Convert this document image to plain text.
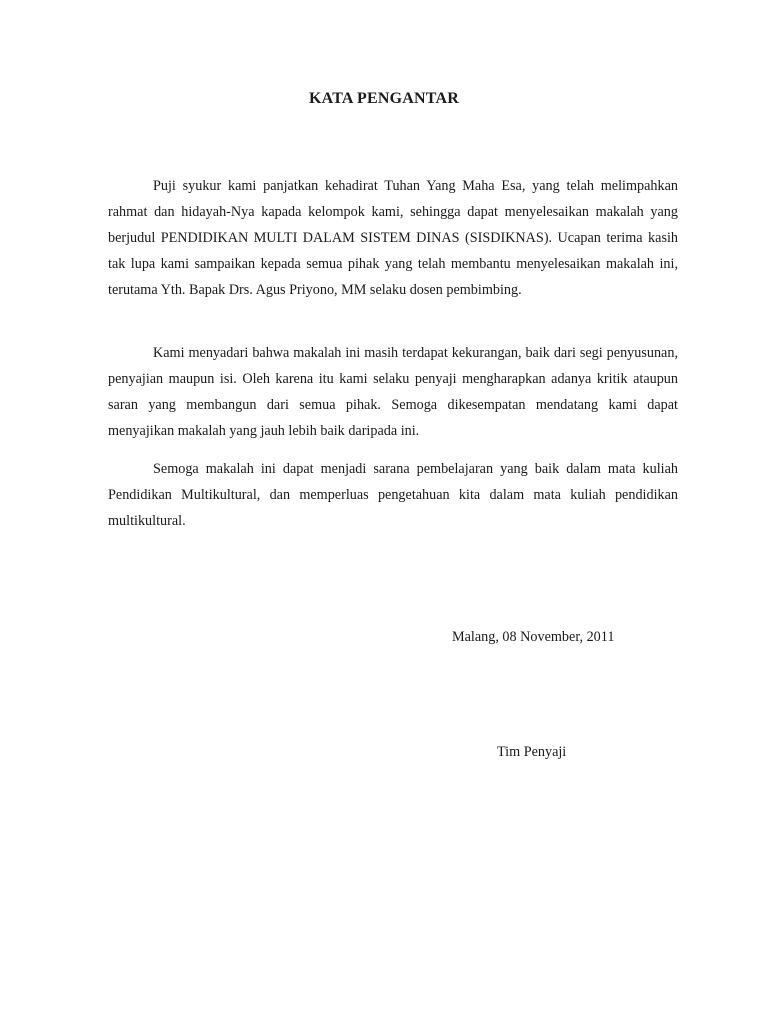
KATA PENGANTAR
Puji syukur kami panjatkan kehadirat Tuhan Yang Maha Esa, yang telah melimpahkan rahmat dan hidayah-Nya kapada kelompok kami, sehingga dapat menyelesaikan makalah yang berjudul PENDIDIKAN MULTI DALAM SISTEM DINAS (SISDIKNAS). Ucapan terima kasih tak lupa kami sampaikan kepada semua pihak yang telah membantu menyelesaikan makalah ini, terutama Yth. Bapak Drs. Agus Priyono, MM selaku dosen pembimbing.
Kami menyadari bahwa makalah ini masih terdapat kekurangan, baik dari segi penyusunan, penyajian maupun isi. Oleh karena itu kami selaku penyaji mengharapkan adanya kritik ataupun saran yang membangun dari semua pihak. Semoga dikesempatan mendatang kami dapat menyajikan makalah yang jauh lebih baik daripada ini.
Semoga makalah ini dapat menjadi sarana pembelajaran yang baik dalam mata kuliah Pendidikan Multikultural, dan memperluas pengetahuan kita dalam mata kuliah pendidikan multikultural.
Malang, 08 November, 2011
Tim Penyaji
